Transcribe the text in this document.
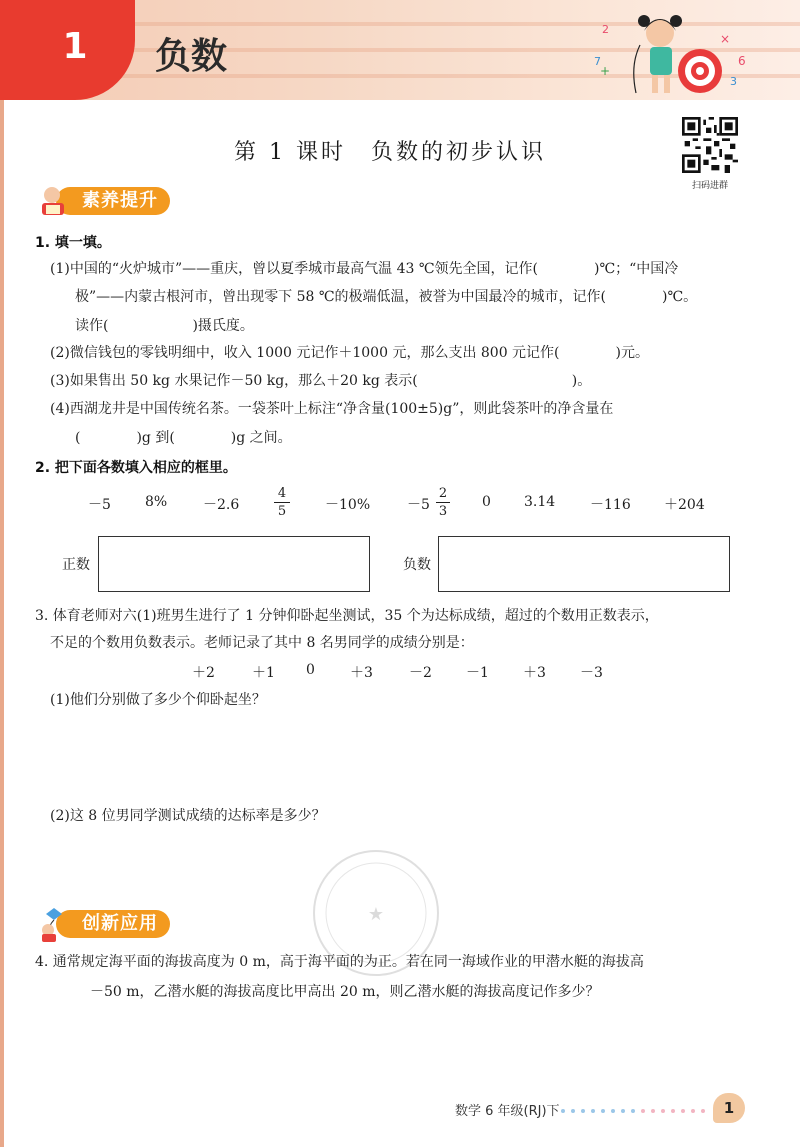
1 负数
2
+
7
×
6
3
第 1 课时　负数的初步认识
扫码进群
素养提升
1. 填一填。
(1)中国的“火炉城市”——重庆，曾以夏季城市最高气温 43 ℃领先全国，记作(　　　　)℃；“中国冷
极”——内蒙古根河市，曾出现零下 58 ℃的极端低温，被誉为中国最冷的城市，记作(　　　　)℃。
读作(　　　　　　)摄氏度。
(2)微信钱包的零钱明细中，收入 1000 元记作＋1000 元，那么支出 800 元记作(　　　　)元。
(3)如果售出 50 kg 水果记作－50 kg，那么＋20 kg 表示(　　　　　　　　　　　)。
(4)西湖龙井是中国传统名茶。一袋茶叶上标注“净含量(100±5)g”，则此袋茶叶的净含量在
(　　　　)g 到(　　　　)g 之间。
2. 把下面各数填入相应的框里。
－5 8%	－2.6
4
5	－10%	－5
2
3
0 3.14 －116 ＋204
正数	负数
3. 体育老师对六(1)班男生进行了 1 分钟仰卧起坐测试，35 个为达标成绩，超过的个数用正数表示，
不足的个数用负数表示。老师记录了其中 8 名男同学的成绩分别是：
＋2	＋1 0	＋3	－2 －1 ＋3 －3
(1)他们分别做了多少个仰卧起坐？
(2)这 8 位男同学测试成绩的达标率是多少？
★
创新应用
4. 通常规定海平面的海拔高度为 0 m，高于海平面的为正。若在同一海域作业的甲潜水艇的海拔高
－50 m，乙潜水艇的海拔高度比甲高出 20 m，则乙潜水艇的海拔高度记作多少？
数学 6 年级(RJ)下	1
